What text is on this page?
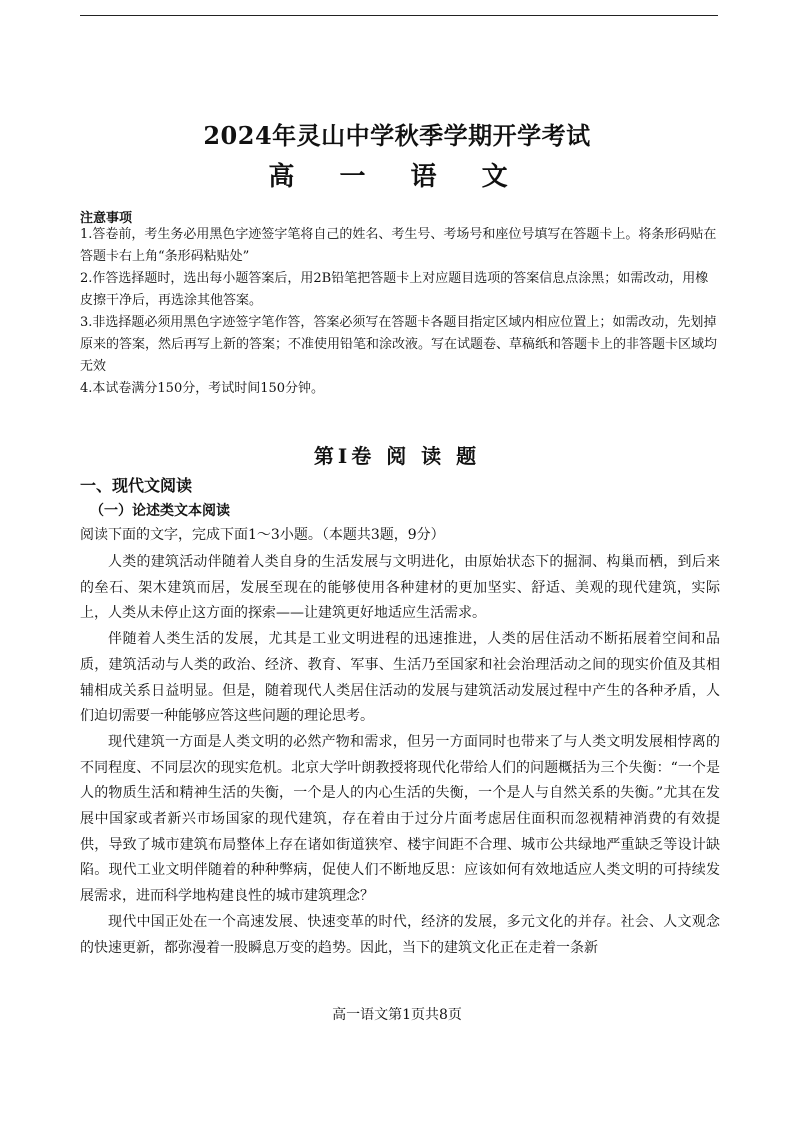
2024年灵山中学秋季学期开学考试
高 一 语 文
注意事项

1.答卷前，考生务必用黑色字迹签字笔将自己的姓名、考生号、考场号和座位号填写在答题卡上。将条形码贴在答题卡右上角“条形码粘贴处”

2.作答选择题时，选出每小题答案后，用2B铅笔把答题卡上对应题目选项的答案信息点涂黑；如需改动，用橡皮擦干净后，再选涂其他答案。

3.非选择题必须用黑色字迹签字笔作答，答案必须写在答题卡各题目指定区域内相应位置上；如需改动，先划掉原来的答案，然后再写上新的答案；不准使用铅笔和涂改液。写在试题卷、草稿纸和答题卡上的非答题卡区域均无效

4.本试卷满分150分，考试时间150分钟。

第I卷 阅 读 题
一、现代文阅读
（一）论述类文本阅读
阅读下面的文字，完成下面1～3小题。（本题共3题，9分）

人类的建筑活动伴随着人类自身的生活发展与文明进化，由原始状态下的掘洞、构巢而栖，到后来的垒石、架木建筑而居，发展至现在的能够使用各种建材的更加坚实、舒适、美观的现代建筑，实际上，人类从未停止这方面的探索——让建筑更好地适应生活需求。

伴随着人类生活的发展，尤其是工业文明进程的迅速推进，人类的居住活动不断拓展着空间和品质，建筑活动与人类的政治、经济、教育、军事、生活乃至国家和社会治理活动之间的现实价值及其相辅相成关系日益明显。但是，随着现代人类居住活动的发展与建筑活动发展过程中产生的各种矛盾，人们迫切需要一种能够应答这些问题的理论思考。

现代建筑一方面是人类文明的必然产物和需求，但另一方面同时也带来了与人类文明发展相悖离的不同程度、不同层次的现实危机。北京大学叶朗教授将现代化带给人们的问题概括为三个失衡：“一个是人的物质生活和精神生活的失衡，一个是人的内心生活的失衡，一个是人与自然关系的失衡。”尤其在发展中国家或者新兴市场国家的现代建筑，存在着由于过分片面考虑居住面积而忽视精神消费的有效提供，导致了城市建筑布局整体上存在诸如街道狭窄、楼宇间距不合理、城市公共绿地严重缺乏等设计缺陷。现代工业文明伴随着的种种弊病，促使人们不断地反思：应该如何有效地适应人类文明的可持续发展需求，进而科学地构建良性的城市建筑理念？

现代中国正处在一个高速发展、快速变革的时代，经济的发展，多元文化的并存。社会、人文观念的快速更新，都弥漫着一股瞬息万变的趋势。因此，当下的建筑文化正在走着一条新

高一语文第1页共8页
